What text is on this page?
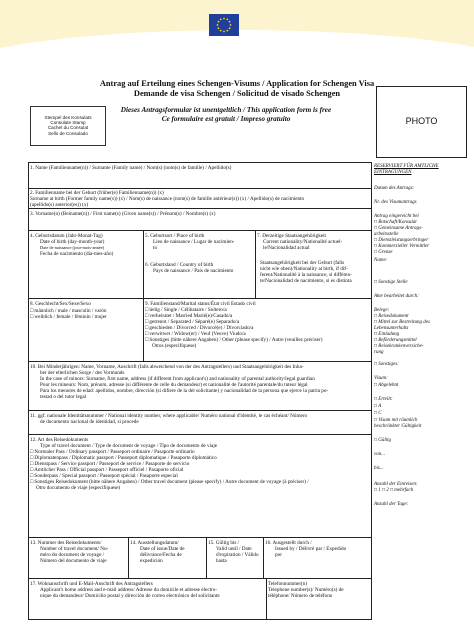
Antrag auf Erteilung eines Schengen-Visums / Application for Schengen Visa
Demande de visa Schengen / Solicitud de visado Schengen
Stempel des Konsulats
Consulate Stamp
Cachet du Consulat
Sello de Consulado
Dieses Antragsformular ist unentgeltlich / This application form is free
Ce formulaire est gratuit / Impreso gratuito	PHOTO
1. Name (Familienname(n)) / Surname (Family name) / Nom(s) (nom(s) de famille) / Apellido(s)
2. Familienname bei der Geburt (früher(e) Familienname(n)) (x)
Surname at birth (Former family name(s)) (x) / Nom(s) de naissance (nom(s) de famille antérieur(s)) (x) / Apellido(s) de nacimiento
(apellido(s) anterior(es)) (x)
3. Vorname(n) (Beiname(n)) / First name(s) (Given name(s)) / Prénom(s) / Nombre(s) (x)
4. Geburtsdatum (Jahr-Monat-Tag)
Date of birth (day-month-year)
Date de naissance (jour-mois-année)
Fecha de nacimiento (día-mes-año)
5. Geburtsort / Place of birth
Lieu de naissance / Lugar de nacimien-
to
6. Geburtsland / Country of birth
Pays de naissance / País de nacimiento
7. Derzeitige Staatsangehörigkeit
Current nationality/Nationalité actuel-
le/Nacionalidad actual
Staatsangehörigkeit bei der Geburt (falls
nicht wie oben)/Nationality at birth, if dif-
ferent/Nationalité à la naissance, si différen-
te/Nacionalidad de nacimiento, si es distinta
8. Geschlecht/Sex/Sexe/Sexo
□ männlich / male / masculin / varón
□ weiblich / female / féminin / mujer
9. Familienstand/Marital status/État civil Estado civil
□ ledig / Single / Célibataire / Soltero/a
□ verheiratet / Married Marié(e)/Casado/a
□ getrennt / Separated / Séparé(e) Separado/a
□ geschieden / Divorced / Divorcé(e) / Divorciado/a
□ verwitwet / Widow(er) / Veuf (Veuve) Viudo/a
□ Sonstiges (bitte nähere Angaben) / Other (please specify) / Autre (veuillez préciser)
Otros (especifíquese)
10. Bei Minderjährigen: Name, Vorname, Anschrift (falls abweichend von der des Antragstellers) und Staatsangehörigkeit des Inha-
ber der elterlichen Sorge / des Vormunds
In the case of minors: Surname, first name, address (if different from applicant's) and nationality of parental authority/legal guardian
Pour les mineurs: Nom, prénom, adresse (si différente de celle du demandeur) et nationalité de l'autorité parentale/du tuteur légal
Para los menores de edad: apellidos, nombre, dirección (si difiere de la del solicitante) y nacionalidad de la persona que ejerce la patria po-
testad o del tutor legal
11. ggf. nationale Identitätsnummer / National identity number, where applicable/ Numéro national d'identité, le cas échéant/ Número
de documento nacional de identidad, si procede
12. Art des Reisedokuments
Type of travel document / Type de document de voyage / Tipo de documento de viaje
□ Normaler Pass / Ordinary passport / Passeport ordinaire / Pasaporte ordinario
□ Diplomatenpass / Diplomatic passport / Passeport diplomatique / Pasaporte diplomático
□ Dienstpass / Service passport / Passeport de service / Pasaporte de servicio
□ Amtlicher Pass / Official passport / Passeport officiel / Pasaporte oficial
□ Sonderpass / Special passport / Passeport spécial / Pasaporte especial
□ Sonstiges Reisedokument (bitte nähere Angaben) / Other travel document (please specify) / Autre document de voyage (à préciser) /
Otro documento de viaje (especifíquese)
13. Nummer des Reisedokuments/
Number of travel document/ Nu-
méro du document de voyage /
Número del documento de viaje
14. Ausstellungsdatum/
Date of issue/Date de
délivrance/Fecha de
expedición
15. Gültig bis /
Valid until / Date
d'expiration / Válido
hasta
16. Ausgestellt durch /
Issued by / Délivré par / Expedido
por
17. Wohnanschrift und E-Mail-Anschrift des Antragstellers
Applicant's home address and e-mail address/ Adresse du domicile et adresse électro-
nique du demandeur/ Domicilio postal y dirección de correo electrónico del solicitante
Telefonnummer(n)
Telephone number(s)/ Numéro(s) de
téléphone/ Número de teléfono
RESERVIERT FÜR AMTLICHE
EINTRAGUNGEN
Datum des Antrags:
Nr. des Visumantrags
Antrag eingereicht bei
□ Botschaft/Konsulat
□ Gemeinsame Antrags-
arbeitsstelle
□ Dienstleistungserbringer
□ Kommerzieller Vermittler
□ Grenze
Name:
□ Sonstige Stelle
Akte bearbeitet durch:
Belege:
□ Reisedokument
□ Mittel zur Bestreitung des
Lebensunterhalts
□ Einladung
□ Beförderungsmittel
□ Reisekrankenversiche-
rung
□ Sonstiges:
Visum:
□ Abgelehnt
□ Erteilt:
□ A
□ C
□ Visum mit räumlich
beschränkter Gültigkeit
□ Gültig
von...
bis...
Anzahl der Einreisen:
□ 1 □ 2 □ mehrfach
Anzahl der Tage:
